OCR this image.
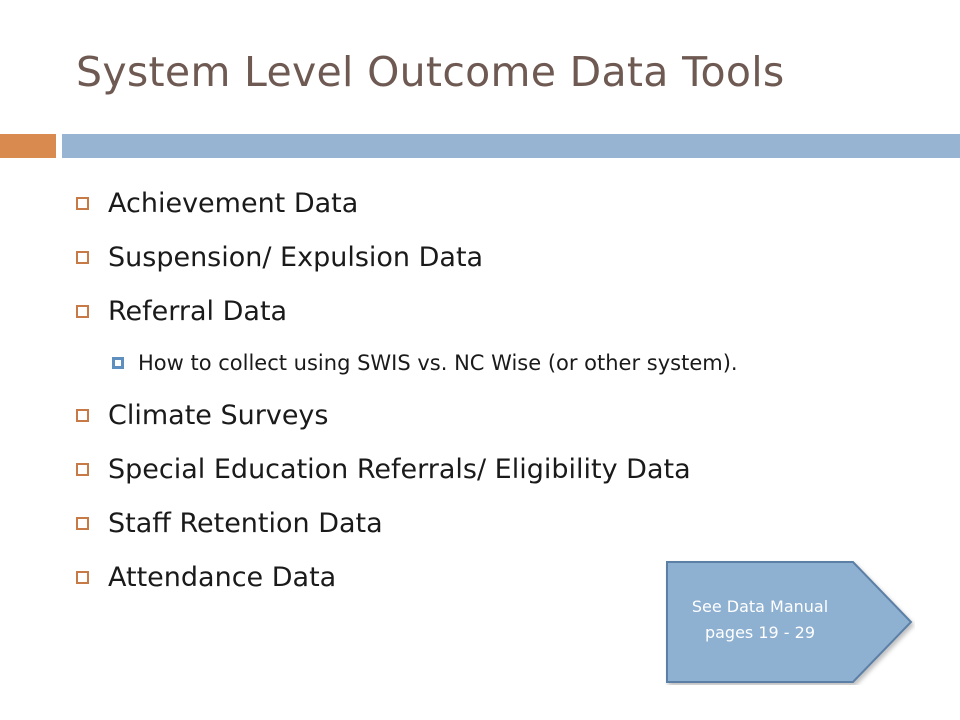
System Level Outcome Data Tools
Achievement Data
Suspension/ Expulsion Data
Referral Data
How to collect using SWIS vs. NC Wise (or other system).
Climate Surveys
Special Education Referrals/ Eligibility Data
Staff Retention Data
Attendance Data
See Data Manual
pages 19 - 29
